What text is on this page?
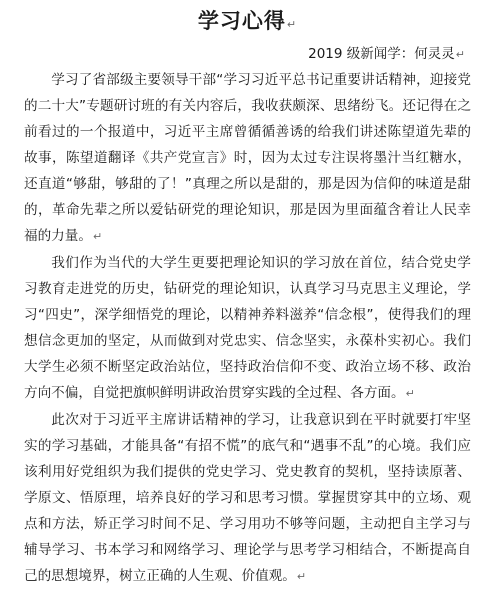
学习心得↵
2019 级新闻学：何灵灵↵

学习了省部级主要领导干部“学习习近平总书记重要讲话精神，迎接党的二十大”专题研讨班的有关内容后，我收获颇深、思绪纷飞。还记得在之前看过的一个报道中，习近平主席曾循循善诱的给我们讲述陈望道先辈的故事，陈望道翻译《共产党宣言》时，因为太过专注误将墨汁当红糖水，还直道“够甜，够甜的了！”真理之所以是甜的，那是因为信仰的味道是甜的，革命先辈之所以爱钻研党的理论知识，那是因为里面蕴含着让人民幸福的力量。↵

我们作为当代的大学生更要把理论知识的学习放在首位，结合党史学习教育走进党的历史，钻研党的理论知识，认真学习马克思主义理论，学习“四史”，深学细悟党的理论，以精神养料滋养“信念根”，使得我们的理想信念更加的坚定，从而做到对党忠实、信念坚实，永葆朴实初心。我们大学生必须不断坚定政治站位，坚持政治信仰不变、政治立场不移、政治方向不偏，自觉把旗帜鲜明讲政治贯穿实践的全过程、各方面。↵

此次对于习近平主席讲话精神的学习，让我意识到在平时就要打牢坚实的学习基础，才能具备“有招不慌”的底气和“遇事不乱”的心境。我们应该利用好党组织为我们提供的党史学习、党史教育的契机，坚持读原著、学原文、悟原理，培养良好的学习和思考习惯。掌握贯穿其中的立场、观点和方法，矫正学习时间不足、学习用功不够等问题，主动把自主学习与辅导学习、书本学习和网络学习、理论学与思考学习相结合，不断提高自己的思想境界，树立正确的人生观、价值观。↵
